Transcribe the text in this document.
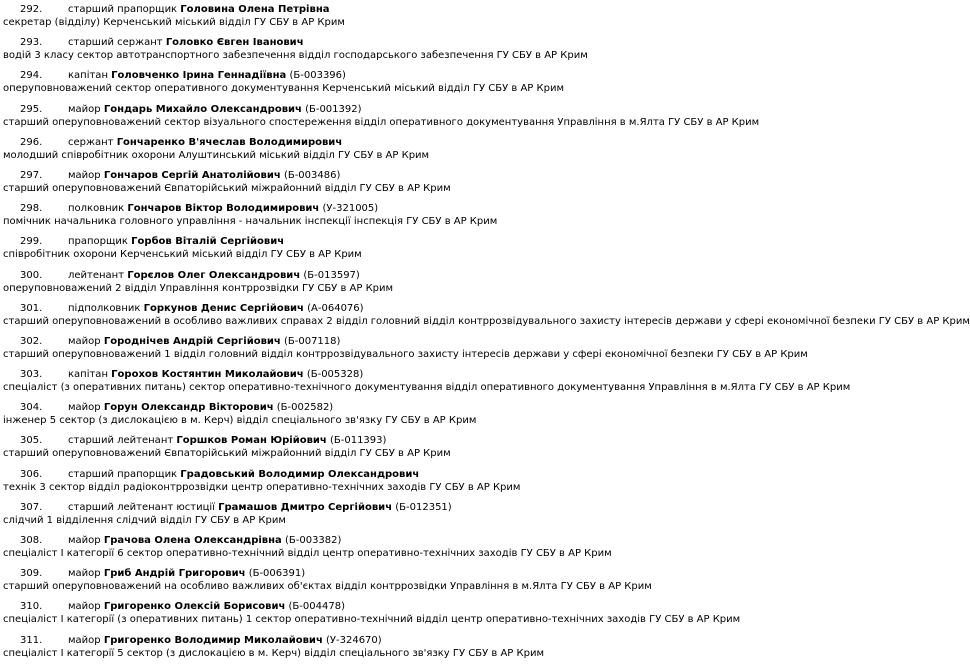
292.	старший прапорщик Головина Олена Петрівна
секретар (відділу) Керченський міський відділ ГУ СБУ в АР Крим
293.	старший сержант Головко Євген Іванович
водій 3 класу сектор автотранспортного забезпечення відділ господарського забезпечення ГУ СБУ в АР Крим
294.	капітан Головченко Ірина Геннадіївна (Б-003396)
оперуповноважений сектор оперативного документування Керченський міський відділ ГУ СБУ в АР Крим
295.	майор Гондарь Михайло Олександрович (Б-001392)
старший оперуповноважений сектор візуального спостереження відділ оперативного документування Управління в м.Ялта ГУ СБУ в АР Крим
296.	сержант Гончаренко В'ячеслав Володимирович
молодший співробітник охорони Алуштинський міський відділ ГУ СБУ в АР Крим
297.	майор Гончаров Сергій Анатолійович (Б-003486)
старший оперуповноважений Євпаторійський міжрайонний відділ ГУ СБУ в АР Крим
298.	полковник Гончаров Віктор Володимирович (У-321005)
помічник начальника головного управління - начальник інспекції інспекція ГУ СБУ в АР Крим
299.	прапорщик Горбов Віталій Сергійович
співробітник охорони Керченський міський відділ ГУ СБУ в АР Крим
300.	лейтенант Горєлов Олег Олександрович (Б-013597)
оперуповноважений 2 відділ Управління контррозвідки ГУ СБУ в АР Крим
301.	підполковник Горкунов Денис Сергійович (А-064076)
старший оперуповноважений в особливо важливих справах 2 відділ головний відділ контррозвідувального захисту інтересів держави у сфері економічної безпеки ГУ СБУ в АР Крим
302.	майор Городнічев Андрій Сергійович (Б-007118)
старший оперуповноважений 1 відділ головний відділ контррозвідувального захисту інтересів держави у сфері економічної безпеки ГУ СБУ в АР Крим
303.	капітан Горохов Костянтин Миколайович (Б-005328)
спеціаліст (з оперативних питань) сектор оперативно-технічного документування відділ оперативного документування Управління в м.Ялта ГУ СБУ в АР Крим
304.	майор Горун Олександр Вікторович (Б-002582)
інженер 5 сектор (з дислокацією в м. Керч) відділ спеціального зв'язку ГУ СБУ в АР Крим
305.	старший лейтенант Горшков Роман Юрійович (Б-011393)
старший оперуповноважений Євпаторійський міжрайонний відділ ГУ СБУ в АР Крим
306.	старший прапорщик Градовський Володимир Олександрович
технік 3 сектор відділ радіоконтррозвідки центр оперативно-технічних заходів ГУ СБУ в АР Крим
307.	старший лейтенант юстиції Грамашов Дмитро Сергійович (Б-012351)
слідчий 1 відділення слідчий відділ ГУ СБУ в АР Крим
308.	майор Грачова Олена Олександрівна (Б-003382)
спеціаліст І категорії 6 сектор оперативно-технічний відділ центр оперативно-технічних заходів ГУ СБУ в АР Крим
309.	майор Гриб Андрій Григорович (Б-006391)
старший оперуповноважений на особливо важливих об'єктах відділ контррозвідки Управління в м.Ялта ГУ СБУ в АР Крим
310.	майор Григоренко Олексій Борисович (Б-004478)
спеціаліст І категорії (з оперативних питань) 1 сектор оперативно-технічний відділ центр оперативно-технічних заходів ГУ СБУ в АР Крим
311.	майор Григоренко Володимир Миколайович (У-324670)
спеціаліст І категорії 5 сектор (з дислокацією в м. Керч) відділ спеціального зв'язку ГУ СБУ в АР Крим
